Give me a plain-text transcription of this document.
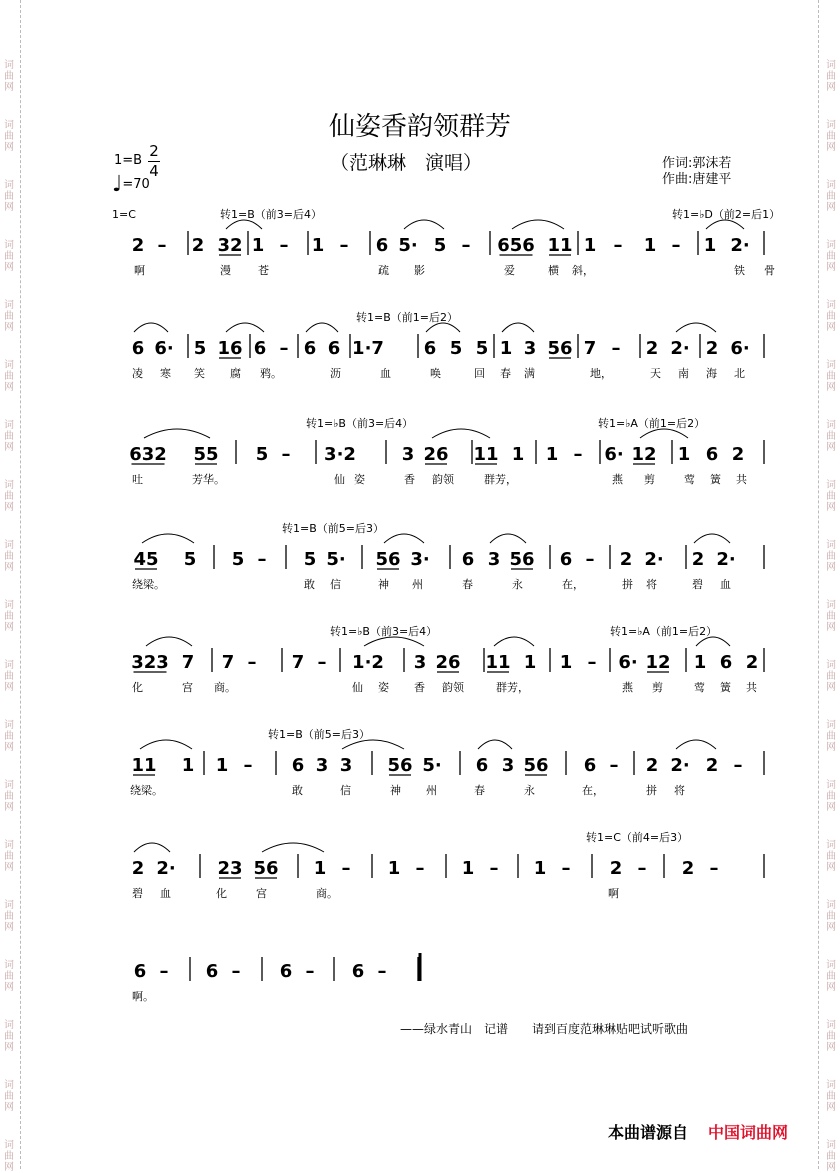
词
曲
网
词
曲
网
词
曲
网
词
曲
网
词
曲
网
词
曲
网
词
曲
网
词
曲
网
词
曲
网
词
曲
网
词
曲
网
词
曲
网
词
曲
网
词
曲
网
词
曲
网
词
曲
网
词
曲
网
词
曲
网
词
曲
网
词
曲
网
词
曲
网
词
曲
网
词
曲
网
词
曲
网
词
曲
网
词
曲
网
词
曲
网
词
曲
网
词
曲
网
词
曲
网
词
曲
网
词
曲
网
词
曲
网
词
曲
网
词
曲
网
词
曲
网
词
曲
网
词
曲
网
仙姿香韵领群芳
（范琳琳　演唱）	作词:郭沫若
作曲:唐建平
1=B
2
4
♩=70
1=C	转1=B（前3=后4）	转1=♭D（前2=后1）
2 – 2 32 1 – 1 – 6 5· 5 – 656 11 1 – 1 – 1 2·
啊	漫 苍	疏 影	爱	横 斜，	铁 骨
转1=B（前1=后2）
6 6· 5 16 6 – 6 6 1·7 6 5 5 1 3 56 7 – 2 2· 2 6·
凌 寒 笑 腐 鸦。	沥	血	唤	回 春 满	地，	天 南 海 北
转1=♭B（前3=后4）	转1=♭A（前1=后2）
632 55 5 – 3·2	3 26 11 1 1 – 6· 12 1 6 2
吐	芳华。	仙 姿	香 韵领	群芳，	燕 剪	莺 簧 共
转1=B（前5=后3）
45 5 5 – 5 5· 56 3· 6 3 56 6 – 2 2· 2 2·
绕梁。	敢 信	神 州	春	永	在，	拼 将	碧 血
转1=♭B（前3=后4）	转1=♭A（前1=后2）
323 7 7 – 7 – 1·2 3 26 11 1 1 – 6· 12 1 6 2
化	宫 商。	仙 姿 香 韵领	群芳，	燕 剪	莺 簧 共
转1=B（前5=后3）
11 1 1 – 6 3 3 56 5· 6 3 56 6 – 2 2· 2 –
绕梁。	敢	信	神 州	春	永	在，	拼 将
转1=C（前4=后3）
2 2· 23 56 1 – 1 – 1 – 1 – 2 – 2 –
碧 血	化	宫	商。	啊
6 – 6 – 6 – 6 –
啊。
——绿水青山　记谱　　请到百度范琳琳贴吧试听歌曲
本曲谱源自 中国词曲网
